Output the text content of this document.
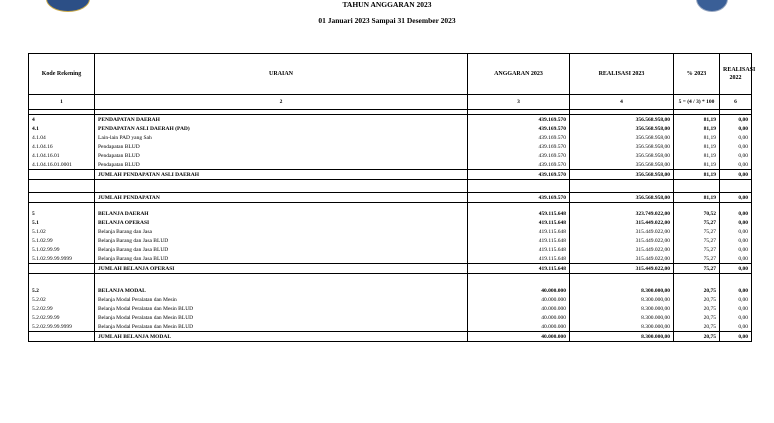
TAHUN ANGGARAN 2023
01 Januari 2023 Sampai 31 Desember 2023
Kode Rekening	URAIAN	ANGGARAN 2023	REALISASI 2023	% 2023	REALISASI 2022
1	2	3	4	5 = (4 / 3) * 100	6

4	PENDAPATAN DAERAH	439.169.570	356.568.958,00	81,19	0,00
4.1	PENDAPATAN ASLI DAERAH (PAD)	439.169.570	356.568.958,00	81,19	0,00
4.1.04	Lain-lain PAD yang Sah	439.169.570	356.568.958,00	81,19	0,00
4.1.04.16	Pendapatan BLUD	439.169.570	356.568.958,00	81,19	0,00
4.1.04.16.01	Pendapatan BLUD	439.169.570	356.568.958,00	81,19	0,00
4.1.04.16.01.0001	Pendapatan BLUD	439.169.570	356.568.958,00	81,19	0,00
	JUMLAH PENDAPATAN ASLI DAERAH	439.169.570	356.568.958,00	81,19	0,00

	JUMLAH PENDAPATAN	439.169.570	356.568.958,00	81,19	0,00

5	BELANJA DAERAH	459.115.648	323.749.022,00	70,52	0,00
5.1	BELANJA OPERASI	419.115.648	315.449.022,00	75,27	0,00
5.1.02	Belanja Barang dan Jasa	419.115.648	315.449.022,00	75,27	0,00
5.1.02.99	Belanja Barang dan Jasa BLUD	419.115.648	315.449.022,00	75,27	0,00
5.1.02.99.99	Belanja Barang dan Jasa BLUD	419.115.648	315.449.022,00	75,27	0,00
5.1.02.99.99.9999	Belanja Barang dan Jasa BLUD	419.115.648	315.449.022,00	75,27	0,00
	JUMLAH BELANJA OPERASI	419.115.648	315.449.022,00	75,27	0,00

5.2	BELANJA MODAL	40.000.000	8.300.000,00	20,75	0,00
5.2.02	Belanja Modal Peralatan dan Mesin	40.000.000	8.300.000,00	20,75	0,00
5.2.02.99	Belanja Modal Peralatan dan Mesin BLUD	40.000.000	8.300.000,00	20,75	0,00
5.2.02.99.99	Belanja Modal Peralatan dan Mesin BLUD	40.000.000	8.300.000,00	20,75	0,00
5.2.02.99.99.9999	Belanja Modal Peralatan dan Mesin BLUD	40.000.000	8.300.000,00	20,75	0,00
	JUMLAH BELANJA MODAL	40.000.000	8.300.000,00	20,75	0,00
